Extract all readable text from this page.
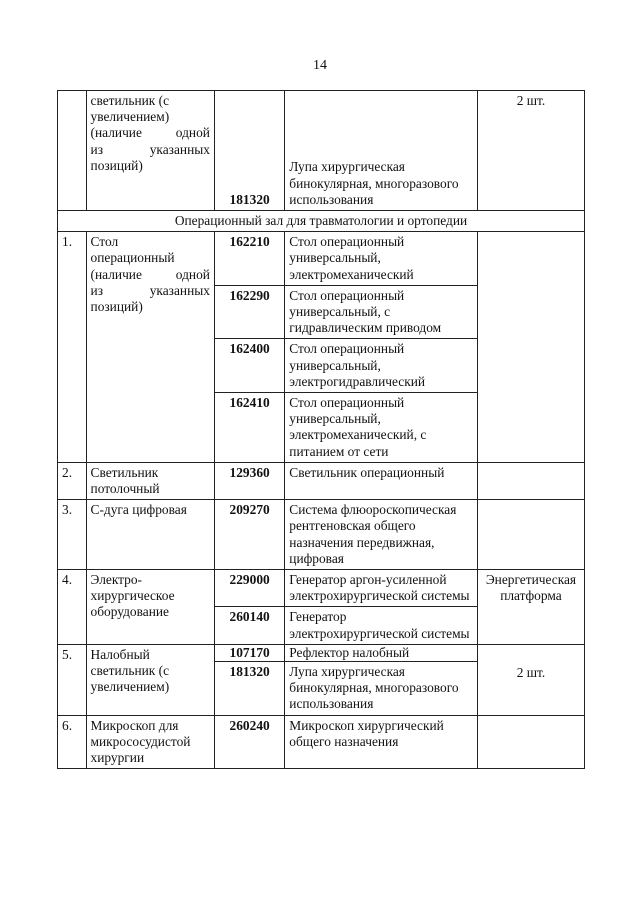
14

	светильник (с
увеличением)
(наличие одной
из указанных
позиций)	181320	Лупа хирургическая бинокулярная, многоразового использования	2 шт.
Операционный зал для травматологии и ортопедии				
1.	Стол
операционный
(наличие одной
из указанных
позиций)	162210	Стол операционный универсальный, электромеханический	
		162290	Стол операционный универсальный, с гидравлическим приводом	
		162400	Стол операционный универсальный, электрогидравлический	
		162410	Стол операционный универсальный, электромеханический, с питанием от сети	
2.	Светильник потолочный	129360	Светильник операционный	
3.	С-дуга цифровая	209270	Система флюороскопическая рентгеновская общего назначения передвижная, цифровая	
4.	Электро-хирургическое оборудование	229000	Генератор аргон-усиленной электрохирургической системы	Энергетическая платформа
		260140	Генератор электрохирургической системы	
5.	Налобный светильник (с увеличением)	107170	Рефлектор налобный	2 шт.
		181320	Лупа хирургическая бинокулярная, многоразового использования	
6.	Микроскоп для микрососудистой хирургии	260240	Микроскоп хирургический общего назначения	
